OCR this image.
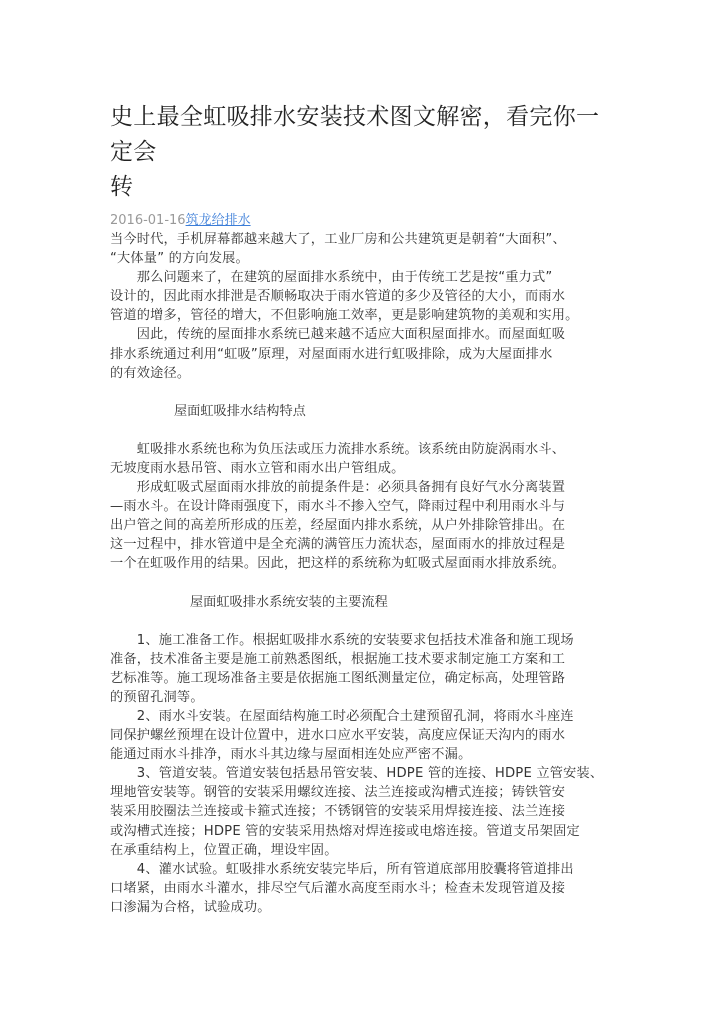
史上最全虹吸排水安装技术图文解密，看完你一定会
转
2016-01-16筑龙给排水
当今时代，手机屏幕都越来越大了，工业厂房和公共建筑更是朝着“大面积”、
“大体量” 的方向发展。
　　那么问题来了，在建筑的屋面排水系统中，由于传统工艺是按“重力式”
设计的，因此雨水排泄是否顺畅取决于雨水管道的多少及管径的大小，而雨水
管道的增多，管径的增大，不但影响施工效率，更是影响建筑物的美观和实用。
　　因此，传统的屋面排水系统已越来越不适应大面积屋面排水。而屋面虹吸
排水系统通过利用“虹吸”原理，对屋面雨水进行虹吸排除，成为大屋面排水
的有效途径。
屋面虹吸排水结构特点
　　虹吸排水系统也称为负压法或压力流排水系统。该系统由防旋涡雨水斗、
无坡度雨水悬吊管、雨水立管和雨水出户管组成。
　　形成虹吸式屋面雨水排放的前提条件是：必须具备拥有良好气水分离装置
—雨水斗。在设计降雨强度下，雨水斗不掺入空气，降雨过程中利用雨水斗与
出户管之间的高差所形成的压差，经屋面内排水系统，从户外排除管排出。在
这一过程中，排水管道中是全充满的满管压力流状态，屋面雨水的排放过程是
一个在虹吸作用的结果。因此，把这样的系统称为虹吸式屋面雨水排放系统。
屋面虹吸排水系统安装的主要流程
　　1、施工准备工作。根据虹吸排水系统的安装要求包括技术准备和施工现场
准备，技术准备主要是施工前熟悉图纸，根据施工技术要求制定施工方案和工
艺标准等。施工现场准备主要是依据施工图纸测量定位，确定标高，处理管路
的预留孔洞等。
　　2、雨水斗安装。在屋面结构施工时必须配合土建预留孔洞，将雨水斗座连
同保护螺丝预埋在设计位置中，进水口应水平安装，高度应保证天沟内的雨水
能通过雨水斗排净，雨水斗其边缘与屋面相连处应严密不漏。
　　3、管道安装。管道安装包括悬吊管安装、HDPE 管的连接、HDPE 立管安装、
埋地管安装等。钢管的安装采用螺纹连接、法兰连接或沟槽式连接；铸铁管安
装采用胶圈法兰连接或卡箍式连接；不锈钢管的安装采用焊接连接、法兰连接
或沟槽式连接；HDPE 管的安装采用热熔对焊连接或电熔连接。管道支吊架固定
在承重结构上，位置正确，埋设牢固。
　　4、灌水试验。虹吸排水系统安装完毕后，所有管道底部用胶囊将管道排出
口堵紧，由雨水斗灌水，排尽空气后灌水高度至雨水斗；检查未发现管道及接
口渗漏为合格，试验成功。
